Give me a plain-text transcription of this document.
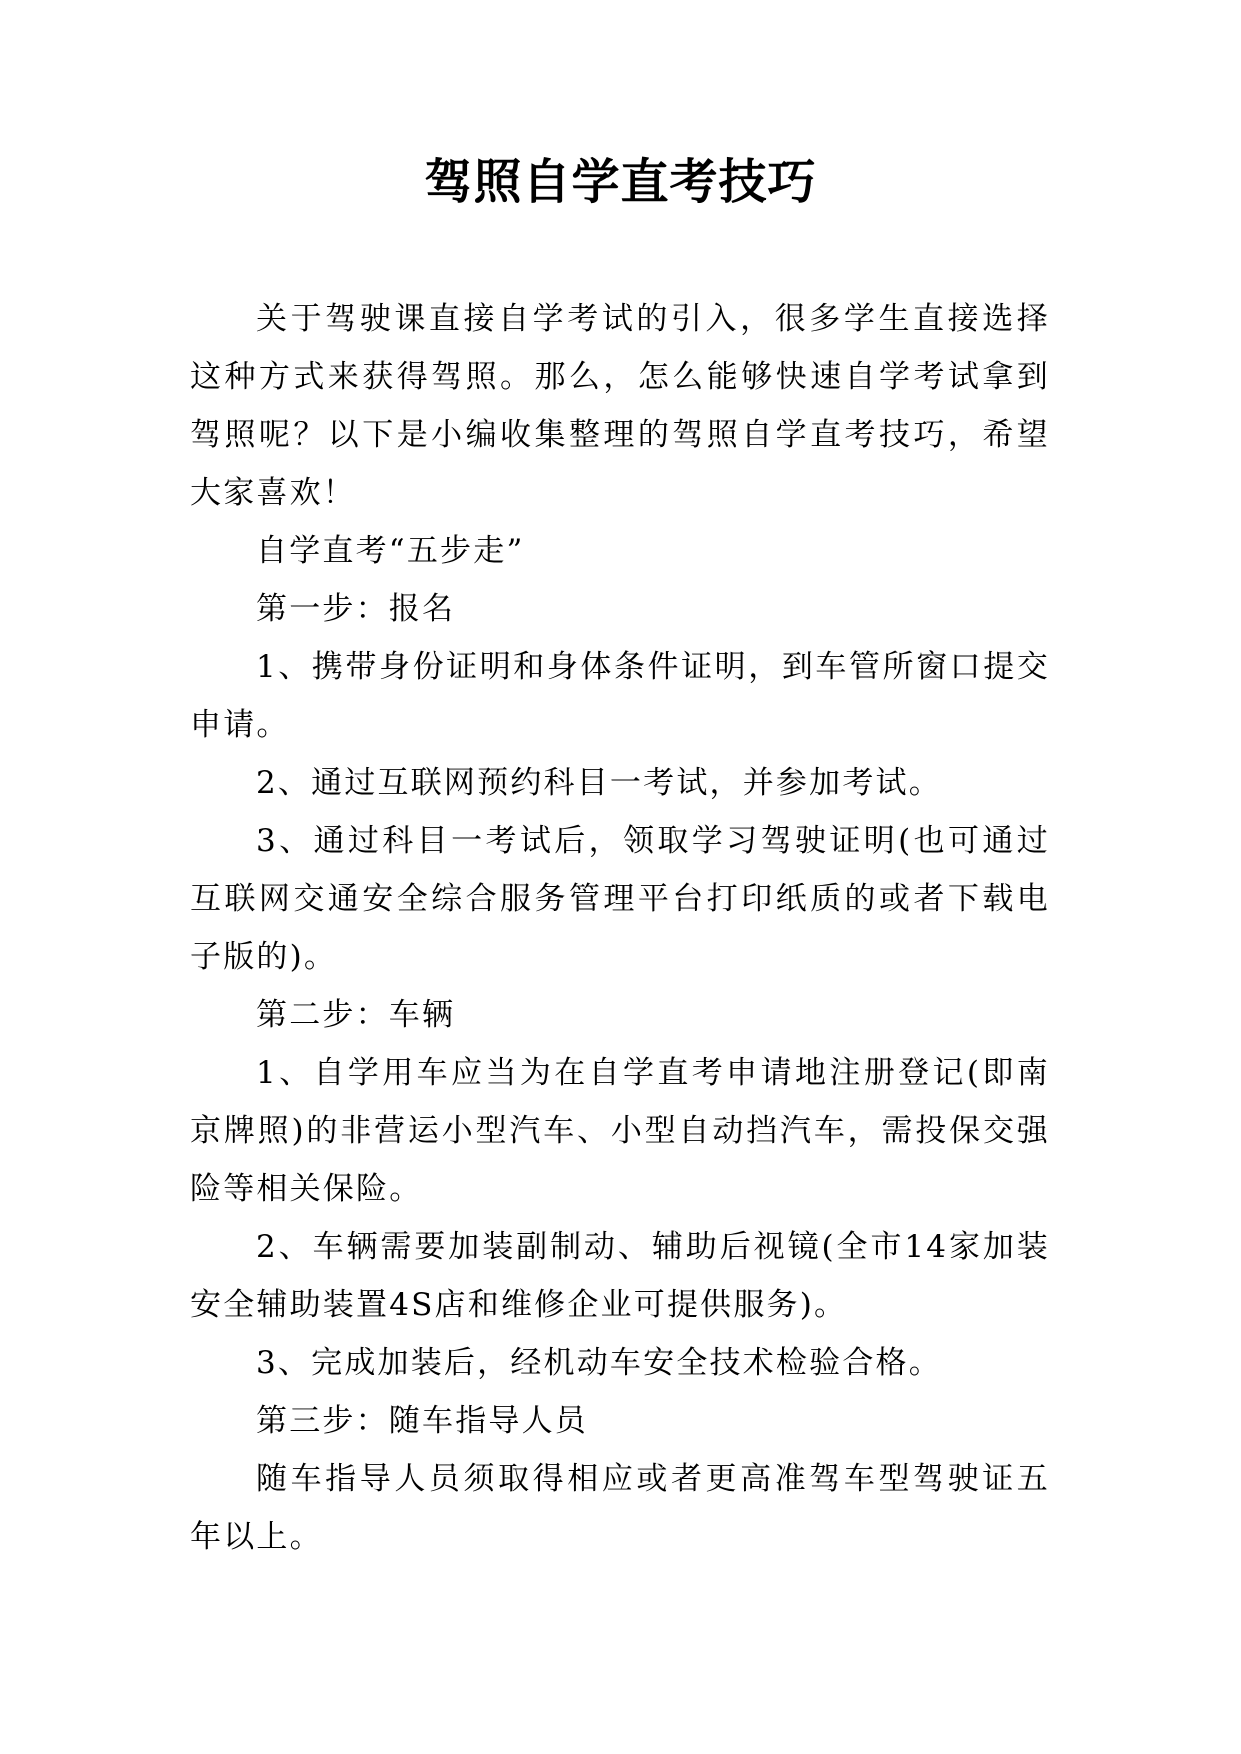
驾照自学直考技巧

关于驾驶课直接自学考试的引入，很多学生直接选择这种方式来获得驾照。那么，怎么能够快速自学考试拿到驾照呢？以下是小编收集整理的驾照自学直考技巧，希望大家喜欢！

自学直考“五步走”

第一步：报名

1、携带身份证明和身体条件证明，到车管所窗口提交申请。

2、通过互联网预约科目一考试，并参加考试。

3、通过科目一考试后，领取学习驾驶证明(也可通过互联网交通安全综合服务管理平台打印纸质的或者下载电子版的)。

第二步：车辆

1、自学用车应当为在自学直考申请地注册登记(即南京牌照)的非营运小型汽车、小型自动挡汽车，需投保交强险等相关保险。

2、车辆需要加装副制动、辅助后视镜(全市14家加装安全辅助装置4S店和维修企业可提供服务)。

3、完成加装后，经机动车安全技术检验合格。

第三步：随车指导人员

随车指导人员须取得相应或者更高准驾车型驾驶证五年以上。
